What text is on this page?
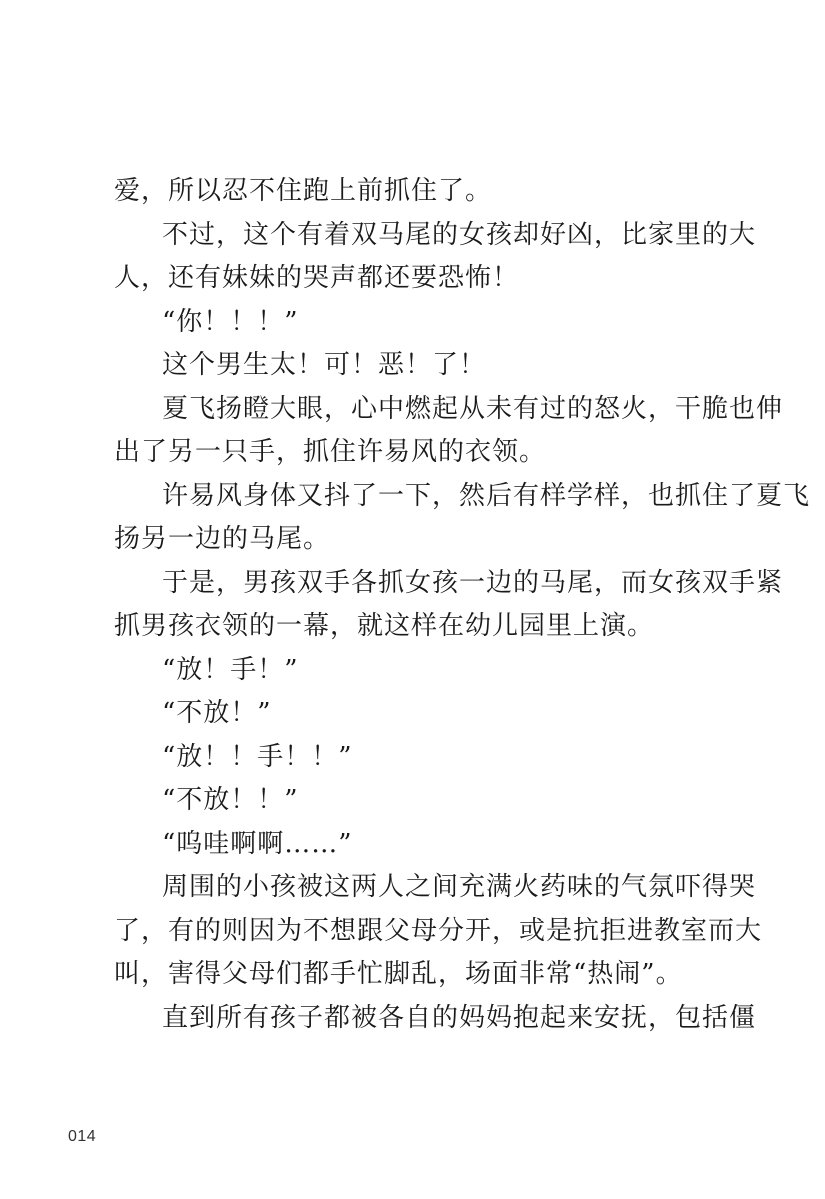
爱，所以忍不住跑上前抓住了。
不过，这个有着双马尾的女孩却好凶，比家里的大
人，还有妹妹的哭声都还要恐怖！
“你！！！”
这个男生太！可！恶！了！
夏飞扬瞪大眼，心中燃起从未有过的怒火，干脆也伸
出了另一只手，抓住许易风的衣领。
许易风身体又抖了一下，然后有样学样，也抓住了夏飞
扬另一边的马尾。
于是，男孩双手各抓女孩一边的马尾，而女孩双手紧
抓男孩衣领的一幕，就这样在幼儿园里上演。
“放！手！”
“不放！”
“放！！手！！”
“不放！！”
“呜哇啊啊……”
周围的小孩被这两人之间充满火药味的气氛吓得哭
了，有的则因为不想跟父母分开，或是抗拒进教室而大
叫，害得父母们都手忙脚乱，场面非常“热闹”。
直到所有孩子都被各自的妈妈抱起来安抚，包括僵
014
